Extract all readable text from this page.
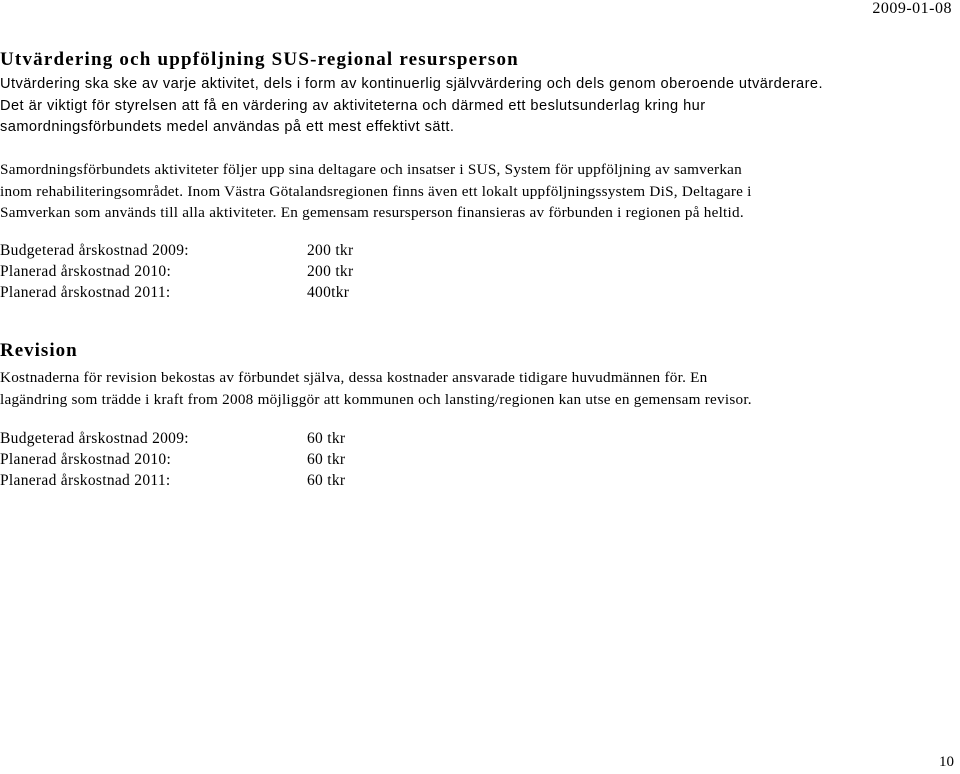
2009-01-08
Utvärdering och uppföljning SUS-regional resursperson

Utvärdering ska ske av varje aktivitet, dels i form av kontinuerlig självvärdering och dels genom oberoende utvärderare.
Det är viktigt för styrelsen att få en värdering av aktiviteterna och därmed ett beslutsunderlag kring hur
samordningsförbundets medel användas på ett mest effektivt sätt.

Samordningsförbundets aktiviteter följer upp sina deltagare och insatser i SUS, System för uppföljning av samverkan
inom rehabiliteringsområdet. Inom Västra Götalandsregionen finns även ett lokalt uppföljningssystem DiS, Deltagare i
Samverkan som används till alla aktiviteter. En gemensam resursperson finansieras av förbunden i regionen på heltid.

Budgeterad årskostnad 2009:	200 tkr
Planerad årskostnad 2010:	200 tkr
Planerad årskostnad 2011:	400tkr
Revision

Kostnaderna för revision bekostas av förbundet själva, dessa kostnader ansvarade tidigare huvudmännen för. En
lagändring som trädde i kraft from 2008 möjliggör att kommunen och lansting/regionen kan utse en gemensam revisor.

Budgeterad årskostnad 2009:	60 tkr
Planerad årskostnad 2010:	60 tkr
Planerad årskostnad 2011:	60 tkr
10
